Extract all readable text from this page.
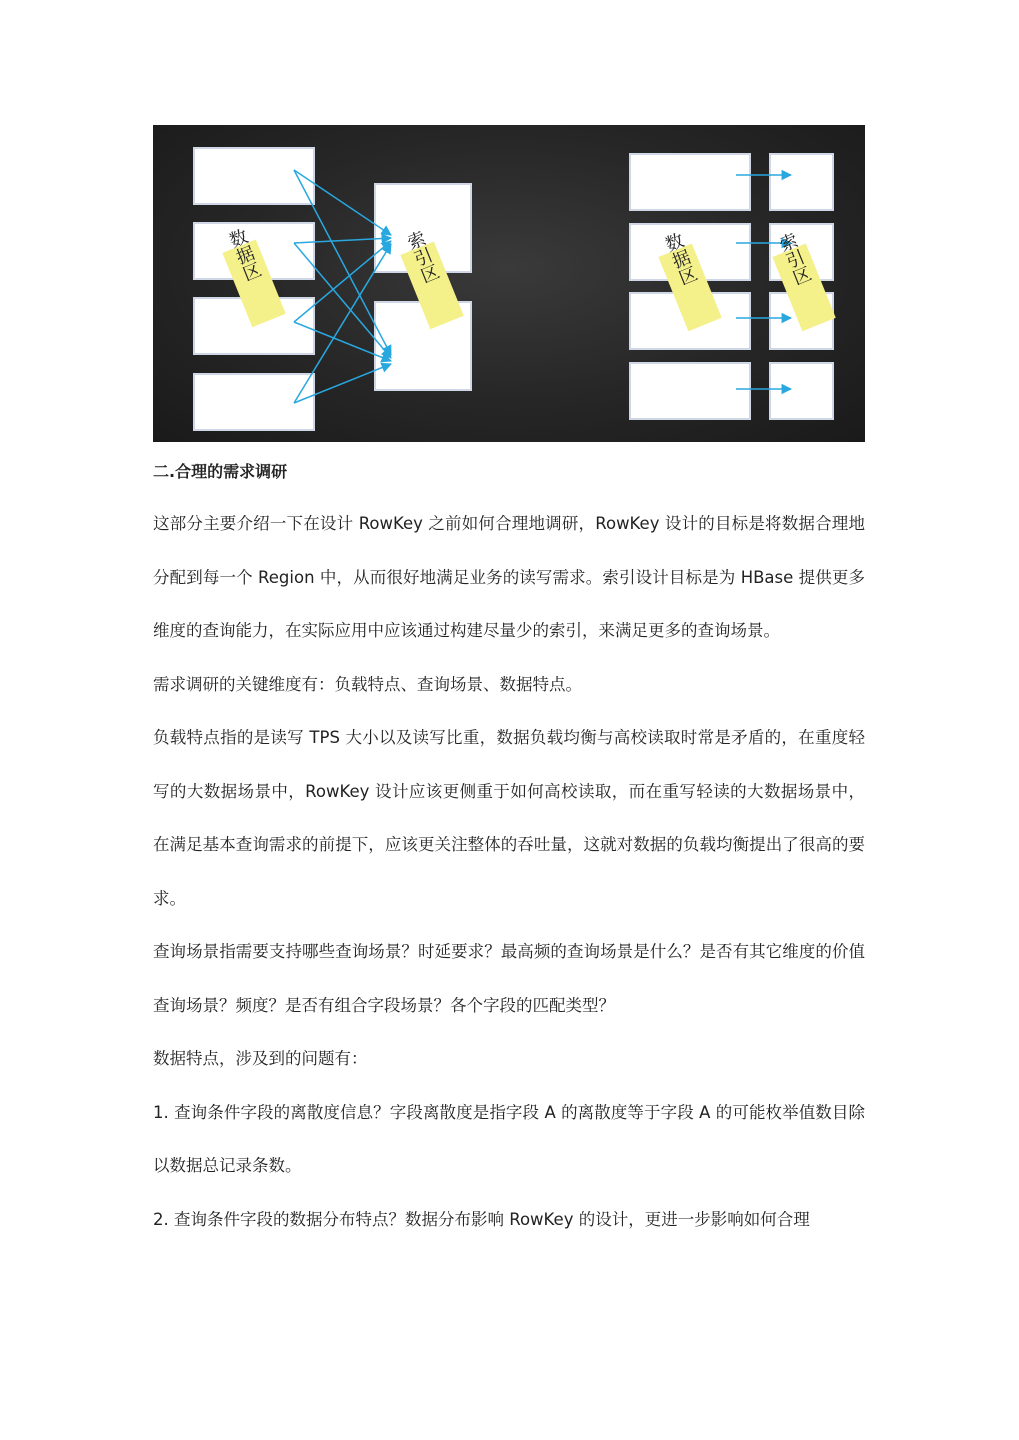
数据区	索引区	数据区	索引区
二.合理的需求调研

这部分主要介绍一下在设计 RowKey 之前如何合理地调研，RowKey 设计的目标是将数据合理地分配到每一个 Region 中，从而很好地满足业务的读写需求。索引设计目标是为 HBase 提供更多维度的查询能力，在实际应用中应该通过构建尽量少的索引，来满足更多的查询场景。

需求调研的关键维度有：负载特点、查询场景、数据特点。

负载特点指的是读写 TPS 大小以及读写比重，数据负载均衡与高校读取时常是矛盾的，在重度轻写的大数据场景中，RowKey 设计应该更侧重于如何高校读取，而在重写轻读的大数据场景中，在满足基本查询需求的前提下，应该更关注整体的吞吐量，这就对数据的负载均衡提出了很高的要求。

查询场景指需要支持哪些查询场景？时延要求？最高频的查询场景是什么？是否有其它维度的价值查询场景？频度？是否有组合字段场景？各个字段的匹配类型？

数据特点，涉及到的问题有：

1. 查询条件字段的离散度信息？字段离散度是指字段 A 的离散度等于字段 A 的可能枚举值数目除以数据总记录条数。

2. 查询条件字段的数据分布特点？数据分布影响 RowKey 的设计，更进一步影响如何合理
